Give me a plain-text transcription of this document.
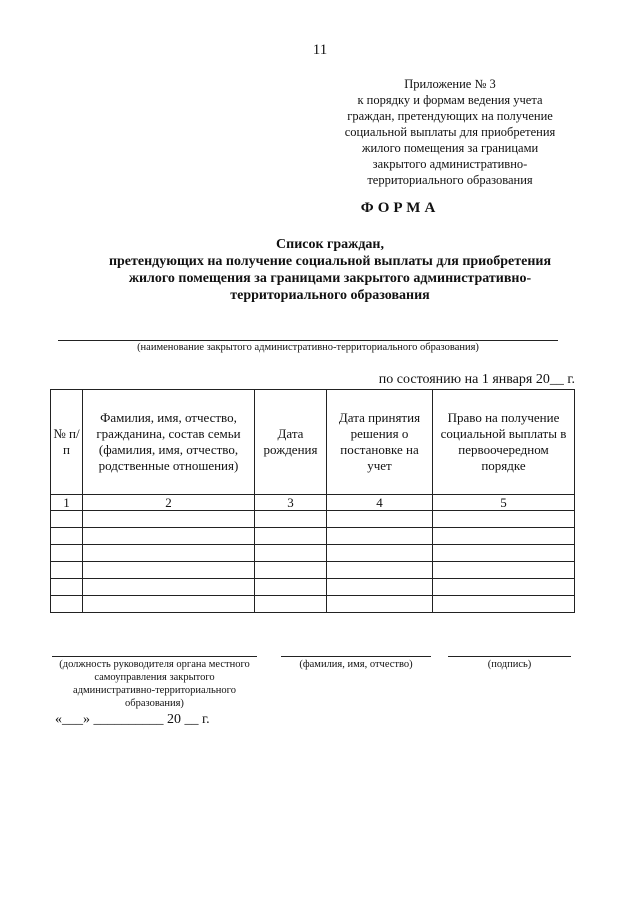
11
Приложение № 3
к порядку и формам ведения учета
граждан, претендующих на получение
социальной выплаты для приобретения
жилого помещения за границами
закрытого административно-
территориального образования
ФОРМА
Список граждан,
претендующих на получение социальной выплаты для приобретения
жилого помещения за границами закрытого административно-
территориального образования
(наименование закрытого административно-территориального образования)
по состоянию на 1 января 20__ г.
№ п/п	Фамилия, имя, отчество, гражданина, состав семьи (фамилия, имя, отчество, родственные отношения)	Дата рождения	Дата принятия решения о постановке на учет	Право на получение социальной выплаты в первоочередном порядке
1	2	3	4	5

(должность руководителя органа местного самоуправления закрытого административно-территориального образования)
(фамилия, имя, отчество)	(подпись)
«___» __________ 20 __ г.
